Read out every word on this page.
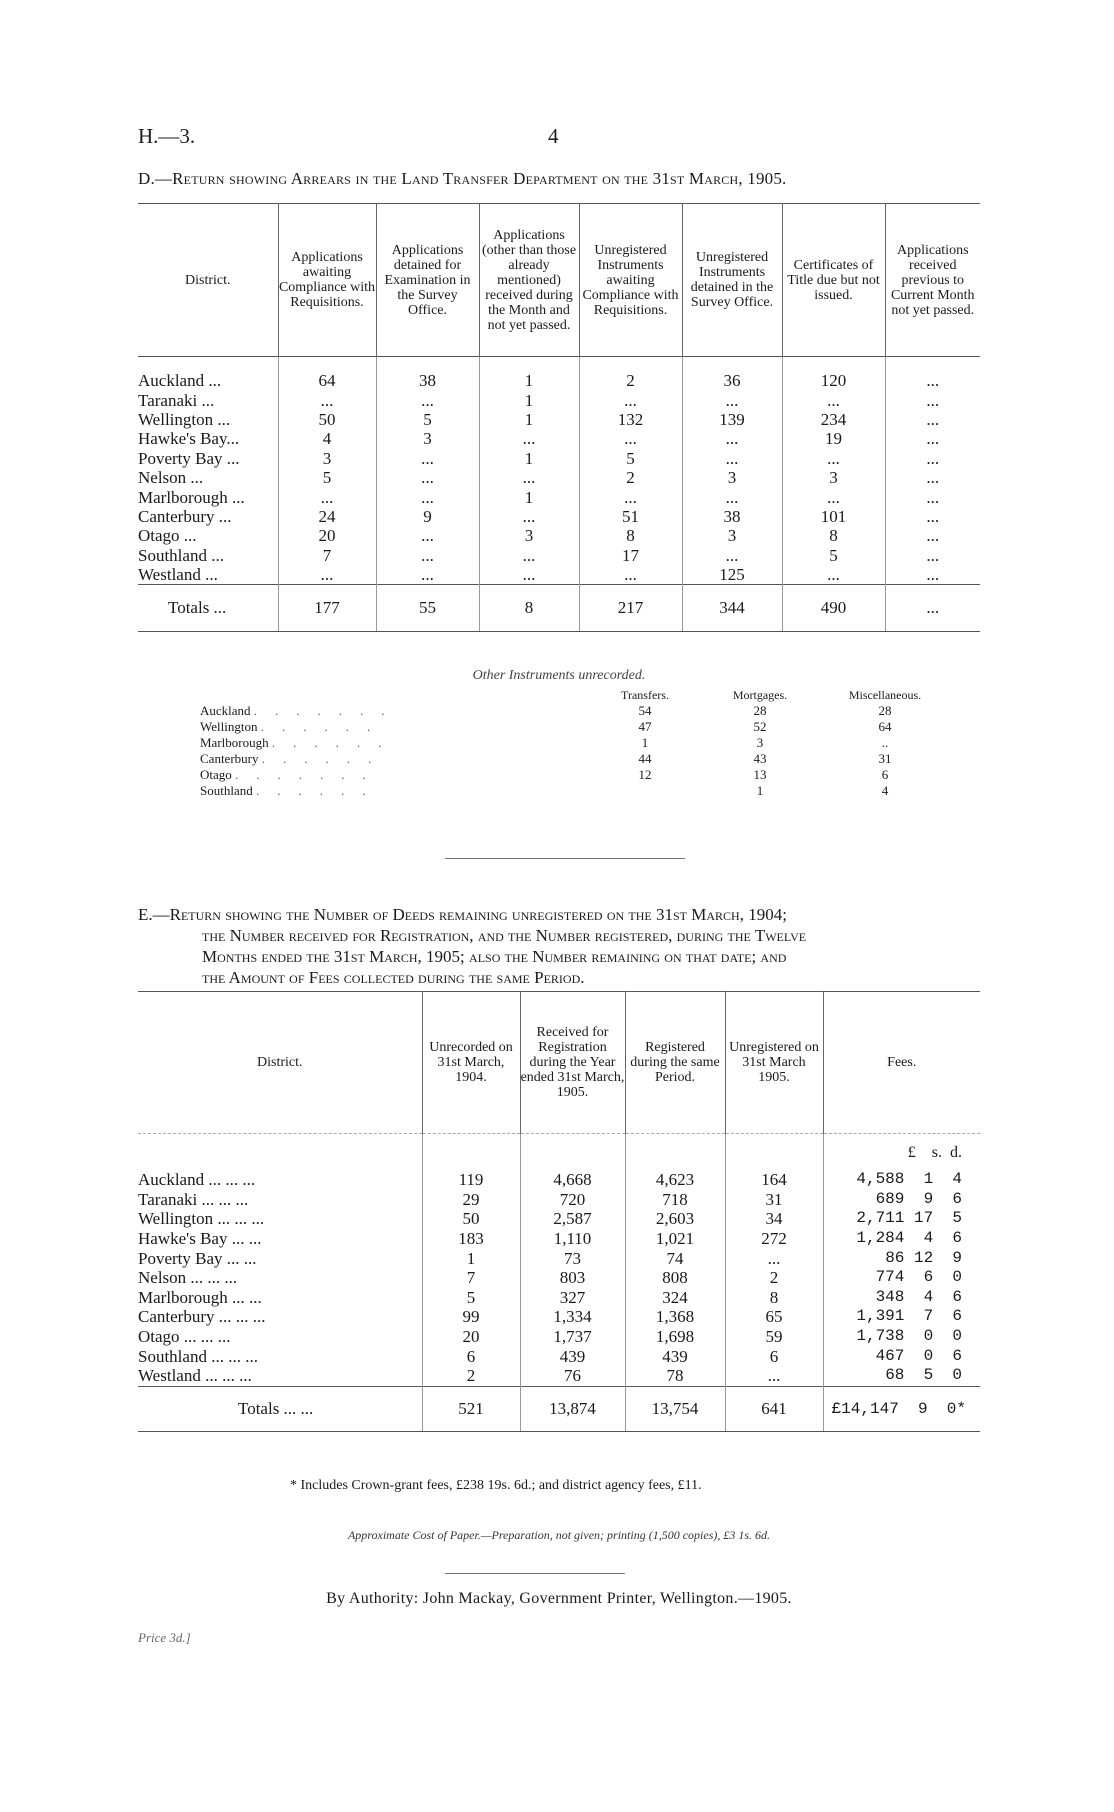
H.—3.	4
D.—Return showing Arrears in the Land Transfer Department on the 31st March, 1905.
District.	Applications awaiting Compliance with Requisitions.	Applications detained for Examination in the Survey Office.	Applications (other than those already mentioned) received during the Month and not yet passed.	Unregistered Instruments awaiting Compliance with Requisitions.	Unregistered Instruments detained in the Survey Office.	Certificates of Title due but not issued.	Applications received previous to Current Month not yet passed.
Auckland ...	64	38	1	2	36	120	...
Taranaki ...	...	...	1	...	...	...	...
Wellington ...	50	5	1	132	139	234	...
Hawke's Bay...	4	3	...	...	...	19	...
Poverty Bay ...	3	...	1	5	...	...	...
Nelson ...	5	...	...	2	3	3	...
Marlborough ...	...	...	1	...	...	...	...
Canterbury ...	24	9	...	51	38	101	...
Otago ...	20	...	3	8	3	8	...
Southland ...	7	...	...	17	...	5	...
Westland ...	...	...	...	...	125	...	...
Totals ...	177	55	8	217	344	490	...
Other Instruments unrecorded.
	Transfers.	Mortgages.	Miscellaneous.
Auckland .......	54	28	28
Wellington ......	47	52	64
Marlborough ......	1	3	..
Canterbury ......	44	43	31
Otago .......	12	13	6
Southland ......		1	4
E.—Return showing the Number of Deeds remaining unregistered on the 31st March, 1904;
the Number received for Registration, and the Number registered, during the Twelve
Months ended the 31st March, 1905; also the Number remaining on that date; and
the Amount of Fees collected during the same Period.
District.	Unrecorded on 31st March, 1904.	Received for Registration during the Year ended 31st March, 1905.	Registered during the same Period.	Unregistered on 31st March 1905.	Fees.
					£    s.  d.
Auckland ... ... ...	119	4,668	4,623	164	4,588  1  4
Taranaki ... ... ...	29	720	718	31	689  9  6
Wellington ... ... ...	50	2,587	2,603	34	2,711 17  5
Hawke's Bay ... ...	183	1,110	1,021	272	1,284  4  6
Poverty Bay ... ...	1	73	74	...	86 12  9
Nelson ... ... ...	7	803	808	2	774  6  0
Marlborough ... ...	5	327	324	8	348  4  6
Canterbury ... ... ...	99	1,334	1,368	65	1,391  7  6
Otago ... ... ...	20	1,737	1,698	59	1,738  0  0
Southland ... ... ...	6	439	439	6	467  0  6
Westland ... ... ...	2	76	78	...	68  5  0
Totals ... ...	521	13,874	13,754	641	£14,147  9  0*
* Includes Crown-grant fees, £238 19s. 6d.; and district agency fees, £11.
Approximate Cost of Paper.—Preparation, not given; printing (1,500 copies), £3 1s. 6d.
By Authority: John Mackay, Government Printer, Wellington.—1905.
Price 3d.]
